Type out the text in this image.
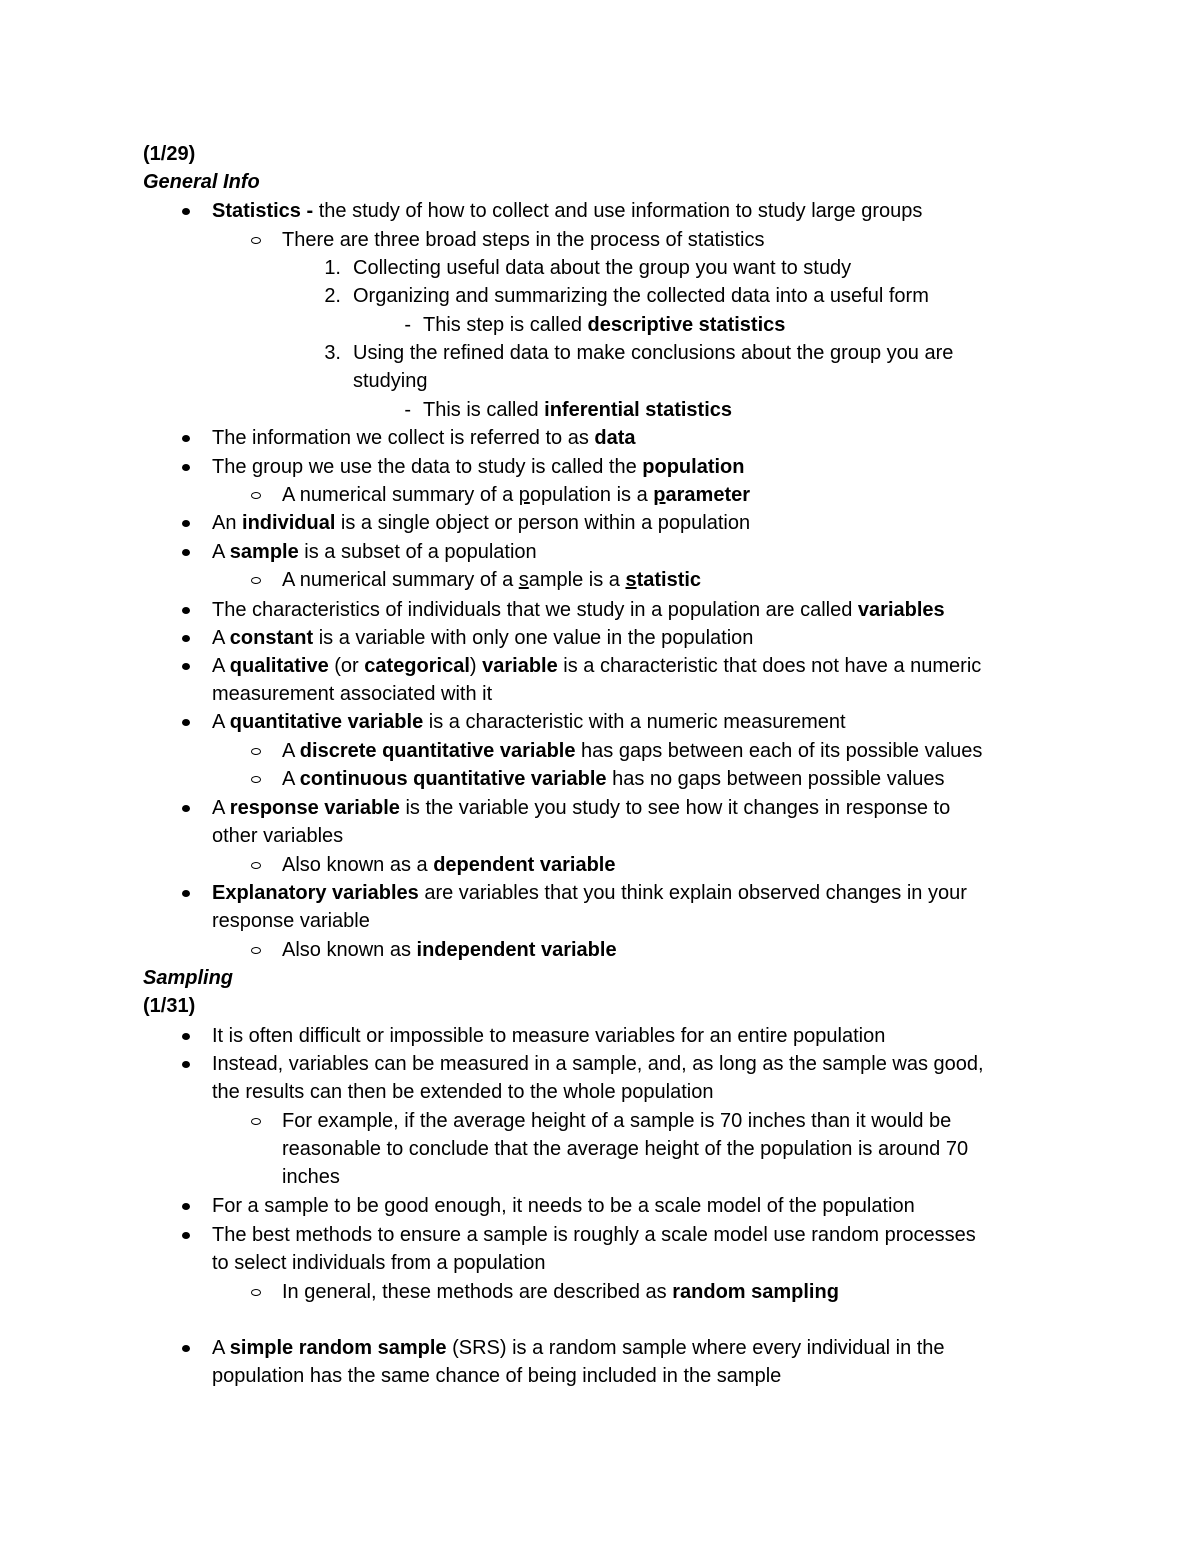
(1/29)
General Info
Statistics - the study of how to collect and use information to study large groups
There are three broad steps in the process of statistics
1. Collecting useful data about the group you want to study
2. Organizing and summarizing the collected data into a useful form
- This step is called descriptive statistics
3. Using the refined data to make conclusions about the group you are
studying
- This is called inferential statistics
The information we collect is referred to as data
The group we use the data to study is called the population
A numerical summary of a population is a parameter
An individual is a single object or person within a population
A sample is a subset of a population
A numerical summary of a sample is a statistic
The characteristics of individuals that we study in a population are called variables
A constant is a variable with only one value in the population
A qualitative (or categorical) variable is a characteristic that does not have a numeric
measurement associated with it
A quantitative variable is a characteristic with a numeric measurement
A discrete quantitative variable has gaps between each of its possible values
A continuous quantitative variable has no gaps between possible values
A response variable is the variable you study to see how it changes in response to
other variables
Also known as a dependent variable
Explanatory variables are variables that you think explain observed changes in your
response variable
Also known as independent variable
Sampling
(1/31)
It is often difficult or impossible to measure variables for an entire population
Instead, variables can be measured in a sample, and, as long as the sample was good,
the results can then be extended to the whole population
For example, if the average height of a sample is 70 inches than it would be
reasonable to conclude that the average height of the population is around 70
inches
For a sample to be good enough, it needs to be a scale model of the population
The best methods to ensure a sample is roughly a scale model use random processes
to select individuals from a population
In general, these methods are described as random sampling
A simple random sample (SRS) is a random sample where every individual in the
population has the same chance of being included in the sample
